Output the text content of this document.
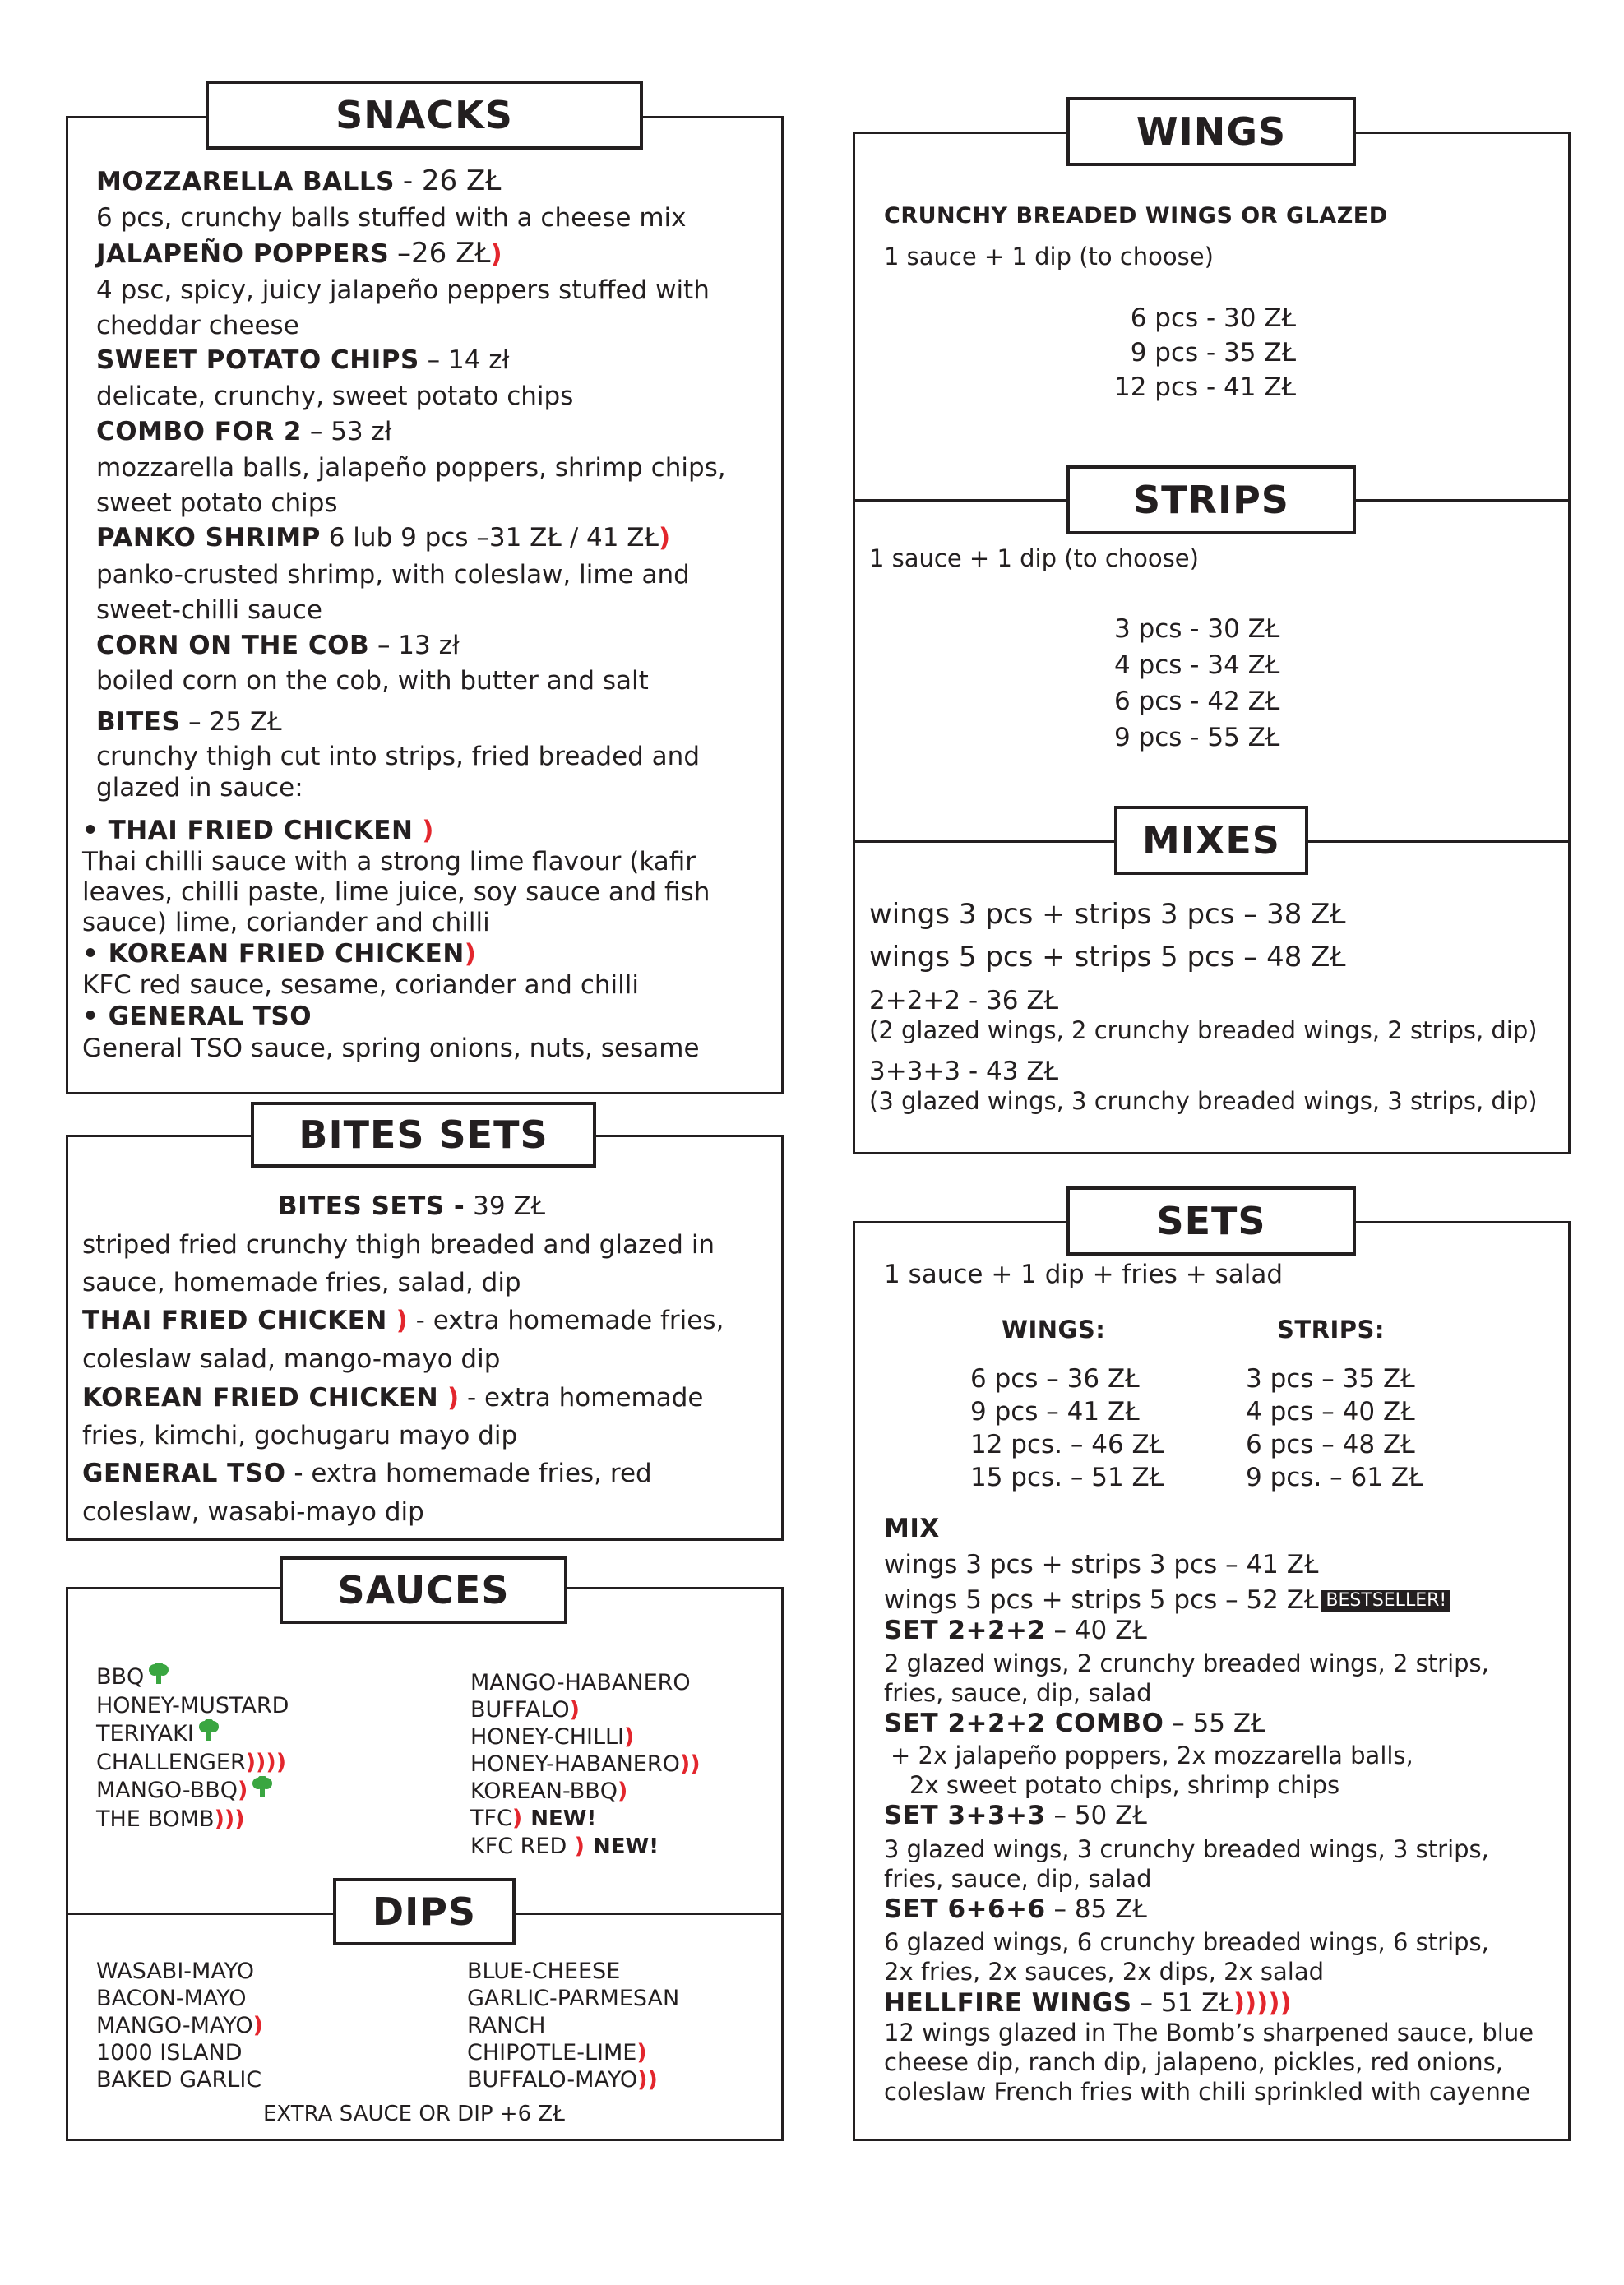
SNACKS
MOZZARELLA BALLS - 26 ZŁ
6 pcs, crunchy balls stuffed with a cheese mix
JALAPEÑO POPPERS –26 ZŁ)
4 psc, spicy, juicy jalapeño peppers stuffed with
cheddar cheese
SWEET POTATO CHIPS – 14 zł
delicate, crunchy, sweet potato chips
COMBO FOR 2 – 53 zł
mozzarella balls, jalapeño poppers, shrimp chips,
sweet potato chips
PANKO SHRIMP 6 lub 9 pcs –31 ZŁ / 41 ZŁ)
panko-crusted shrimp, with coleslaw, lime and
sweet-chilli sauce
CORN ON THE COB – 13 zł
boiled corn on the cob, with butter and salt
BITES – 25 ZŁ
crunchy thigh cut into strips, fried breaded and
glazed in sauce:
• THAI FRIED CHICKEN )
Thai chilli sauce with a strong lime flavour (kafir
leaves, chilli paste, lime juice, soy sauce and fish
sauce) lime, coriander and chilli
• KOREAN FRIED CHICKEN)
KFC red sauce, sesame, coriander and chilli
• GENERAL TSO
General TSO sauce, spring onions, nuts, sesame
BITES SETS
BITES SETS - 39 ZŁ
striped fried crunchy thigh breaded and glazed in
sauce, homemade fries, salad, dip
THAI FRIED CHICKEN ) - extra homemade fries,
coleslaw salad, mango-mayo dip
KOREAN FRIED CHICKEN ) - extra homemade
fries, kimchi, gochugaru mayo dip
GENERAL TSO - extra homemade fries, red
coleslaw, wasabi-mayo dip
SAUCES
BBQ
HONEY-MUSTARD
TERIYAKI
CHALLENGER))))
MANGO-BBQ)
THE BOMB)))
MANGO-HABANERO
BUFFALO)
HONEY-CHILLI)
HONEY-HABANERO))
KOREAN-BBQ)
TFC) NEW!
KFC RED ) NEW!
DIPS
WASABI-MAYO
BACON-MAYO
MANGO-MAYO)
1000 ISLAND
BAKED GARLIC
BLUE-CHEESE
GARLIC-PARMESAN
RANCH
CHIPOTLE-LIME)
BUFFALO-MAYO))
EXTRA SAUCE OR DIP +6 ZŁ
WINGS
CRUNCHY BREADED WINGS OR GLAZED
1 sauce + 1 dip (to choose)
6 pcs - 30 ZŁ
9 pcs - 35 ZŁ
12 pcs - 41 ZŁ
STRIPS
1 sauce + 1 dip (to choose)
3 pcs - 30 ZŁ
4 pcs - 34 ZŁ
6 pcs - 42 ZŁ
9 pcs - 55 ZŁ
MIXES
wings 3 pcs + strips 3 pcs – 38 ZŁ
wings 5 pcs + strips 5 pcs – 48 ZŁ
2+2+2 - 36 ZŁ
(2 glazed wings, 2 crunchy breaded wings, 2 strips, dip)
3+3+3 - 43 ZŁ
(3 glazed wings, 3 crunchy breaded wings, 3 strips, dip)
SETS
1 sauce + 1 dip + fries + salad
WINGS:	STRIPS:
6 pcs – 36 ZŁ
9 pcs – 41 ZŁ
12 pcs. – 46 ZŁ
15 pcs. – 51 ZŁ
3 pcs – 35 ZŁ
4 pcs – 40 ZŁ
6 pcs – 48 ZŁ
9 pcs. – 61 ZŁ
MIX
wings 3 pcs + strips 3 pcs – 41 ZŁ
wings 5 pcs + strips 5 pcs – 52 ZŁ BESTSELLER!
SET 2+2+2 – 40 ZŁ
2 glazed wings, 2 crunchy breaded wings, 2 strips,
fries, sauce, dip, salad
SET 2+2+2 COMBO – 55 ZŁ
+ 2x jalapeño poppers, 2x mozzarella balls,
2x sweet potato chips, shrimp chips
SET 3+3+3 – 50 ZŁ
3 glazed wings, 3 crunchy breaded wings, 3 strips,
fries, sauce, dip, salad
SET 6+6+6 – 85 ZŁ
6 glazed wings, 6 crunchy breaded wings, 6 strips,
2x fries, 2x sauces, 2x dips, 2x salad
HELLFIRE WINGS – 51 ZŁ)))))
12 wings glazed in The Bomb’s sharpened sauce, blue
cheese dip, ranch dip, jalapeno, pickles, red onions,
coleslaw French fries with chili sprinkled with cayenne
